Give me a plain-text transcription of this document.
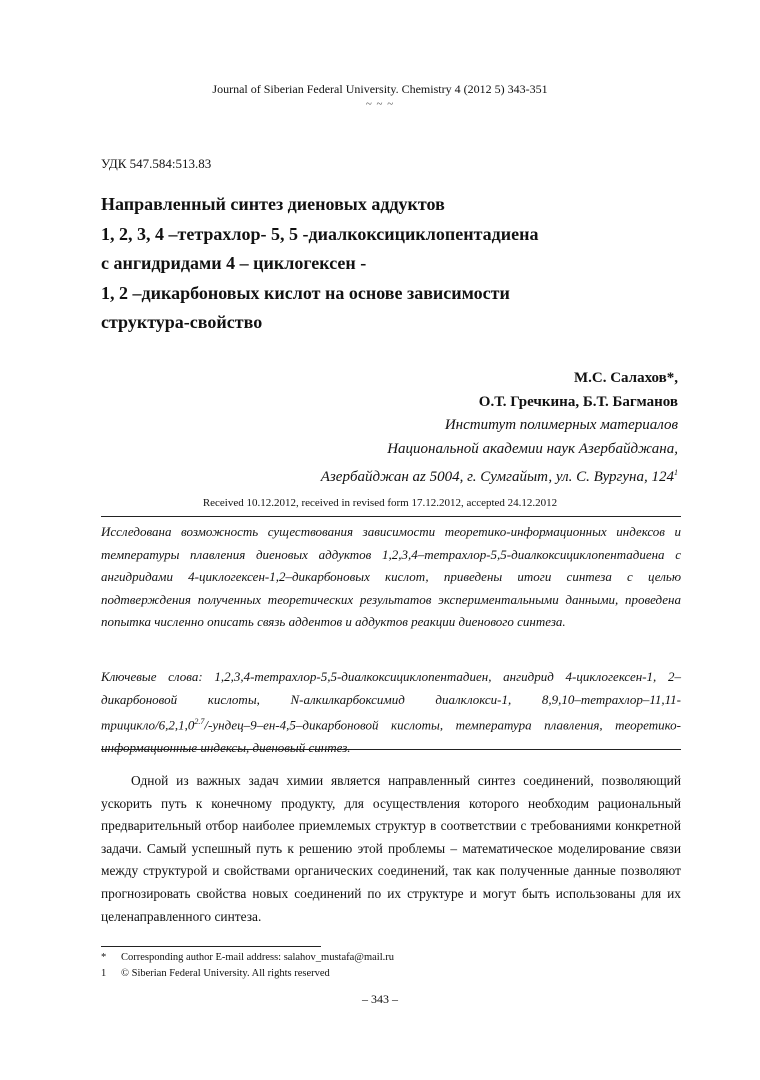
Journal of Siberian Federal University. Chemistry 4 (2012 5) 343-351
~ ~ ~
УДК 547.584:513.83
Направленный синтез диеновых аддуктов
1, 2, 3, 4 –тетрахлор- 5, 5 -диалкоксициклопентадиена
с ангидридами 4 – циклогексен -
1, 2 –дикарбоновых кислот на основе зависимости
структура-свойство
М.С. Салахов*,
О.Т. Гречкина, Б.Т. Багманов
Институт полимерных материалов
Национальной академии наук Азербайджана,
Азербайджан az 5004, г. Сумгайыт, ул. С. Вургуна, $124^1$
Received 10.12.2012, received in revised form 17.12.2012, accepted 24.12.2012
Исследована возможность существования зависимости теоретико-информационных индексов и температуры плавления диеновых аддуктов 1,2,3,4–тетрахлор-5,5-диалкоксициклопентадиена с ангидридами 4-циклогексен-1,2–дикарбоновых кислот, приведены итоги синтеза с целью подтверждения полученных теоретических результатов экспериментальными данными, проведена попытка численно описать связь аддентов и аддуктов реакции диенового синтеза.
Ключевые слова: 1,2,3,4-тетрахлор-5,5-диалкоксициклопентадиен, ангидрид 4-циклогексен-1, 2–дикарбоновой кислоты, N-алкилкарбоксимид диалклокси-1, $8,9,10-тетрахлор-11,11-трицикло/6,2,1,0^{2.7}/-ундец-9-ен-4,5$–дикарбоновой кислоты, температура плавления, теоретико-информационные индексы, диеновый синтез.
Одной из важных задач химии является направленный синтез соединений, позволяющий ускорить путь к конечному продукту, для осуществления которого необходим рациональный предварительный отбор наиболее приемлемых структур в соответствии с требованиями конкретной задачи. Самый успешный путь к решению этой проблемы – математическое моделирование связи между структурой и свойствами органических соединений, так как полученные данные позволяют прогнозировать свойства новых соединений по их структуре и могут быть использованы для их целенаправленного синтеза.
*	Corresponding author E-mail address: salahov_mustafa@mail.ru
1	© Siberian Federal University. All rights reserved
– 343 –
